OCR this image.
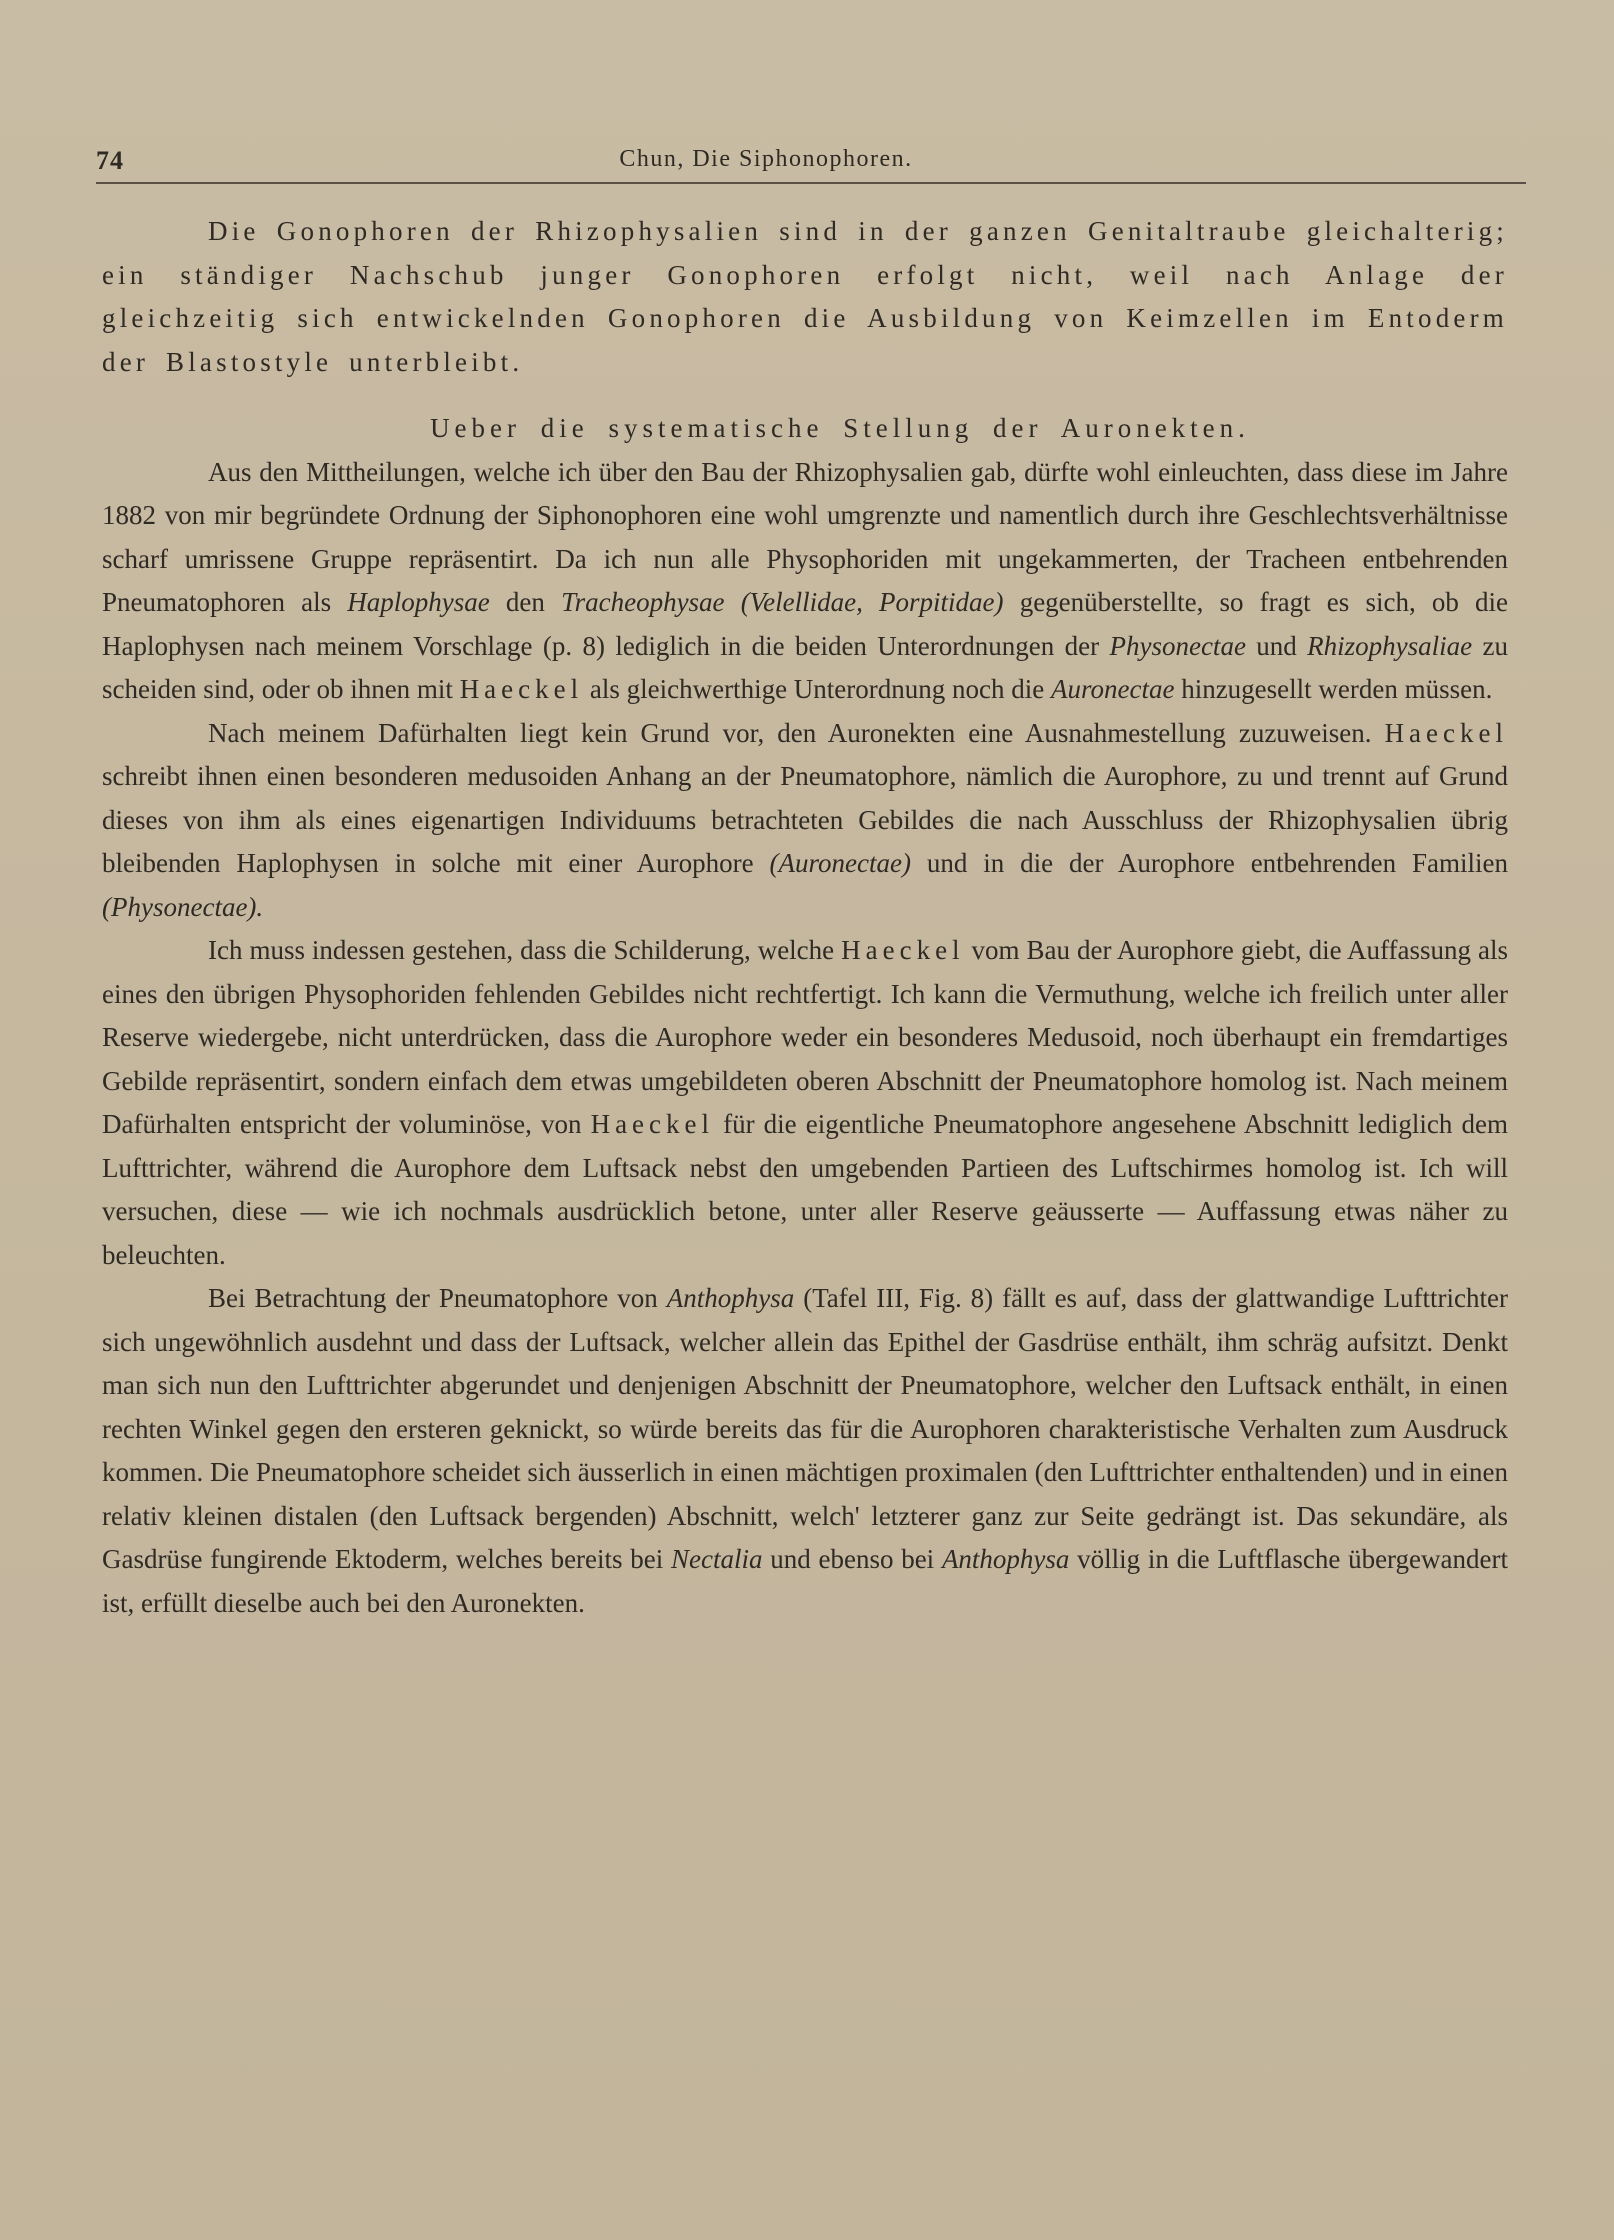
74	Chun, Die Siphonophoren.

Die Gonophoren der Rhizophysalien sind in der ganzen Genitaltraube gleichalterig; ein ständiger Nachschub junger Gonophoren erfolgt nicht, weil nach Anlage der gleichzeitig sich entwickelnden Gonophoren die Ausbildung von Keimzellen im Entoderm der Blastostyle unterbleibt.

Ueber die systematische Stellung der Auronekten.

Aus den Mittheilungen, welche ich über den Bau der Rhizophysalien gab, dürfte wohl einleuchten, dass diese im Jahre 1882 von mir begründete Ordnung der Siphonophoren eine wohl umgrenzte und namentlich durch ihre Geschlechtsverhältnisse scharf umrissene Gruppe repräsentirt. Da ich nun alle Physophoriden mit ungekammerten, der Tracheen entbehrenden Pneumatophoren als Haplophysae den Tracheophysae (Velellidae, Porpitidae) gegenüberstellte, so fragt es sich, ob die Haplophysen nach meinem Vorschlage (p. 8) lediglich in die beiden Unterordnungen der Physonectae und Rhizophysaliae zu scheiden sind, oder ob ihnen mit Haeckel als gleichwerthige Unterordnung noch die Auronectae hinzugesellt werden müssen.

Nach meinem Dafürhalten liegt kein Grund vor, den Auronekten eine Ausnahmestellung zuzuweisen. Haeckel schreibt ihnen einen besonderen medusoiden Anhang an der Pneumatophore, nämlich die Aurophore, zu und trennt auf Grund dieses von ihm als eines eigenartigen Individuums betrachteten Gebildes die nach Ausschluss der Rhizophysalien übrig bleibenden Haplophysen in solche mit einer Aurophore (Auronectae) und in die der Aurophore entbehrenden Familien (Physonectae).

Ich muss indessen gestehen, dass die Schilderung, welche Haeckel vom Bau der Aurophore giebt, die Auffassung als eines den übrigen Physophoriden fehlenden Gebildes nicht rechtfertigt. Ich kann die Vermuthung, welche ich freilich unter aller Reserve wiedergebe, nicht unterdrücken, dass die Aurophore weder ein besonderes Medusoid, noch überhaupt ein fremdartiges Gebilde repräsentirt, sondern einfach dem etwas umgebildeten oberen Abschnitt der Pneumatophore homolog ist. Nach meinem Dafürhalten entspricht der voluminöse, von Haeckel für die eigentliche Pneumatophore angesehene Abschnitt lediglich dem Lufttrichter, während die Aurophore dem Luftsack nebst den umgebenden Partieen des Luftschirmes homolog ist. Ich will versuchen, diese — wie ich nochmals ausdrücklich betone, unter aller Reserve geäusserte — Auffassung etwas näher zu beleuchten.

Bei Betrachtung der Pneumatophore von Anthophysa (Tafel III, Fig. 8) fällt es auf, dass der glattwandige Lufttrichter sich ungewöhnlich ausdehnt und dass der Luftsack, welcher allein das Epithel der Gasdrüse enthält, ihm schräg aufsitzt. Denkt man sich nun den Lufttrichter abgerundet und denjenigen Abschnitt der Pneumatophore, welcher den Luftsack enthält, in einen rechten Winkel gegen den ersteren geknickt, so würde bereits das für die Aurophoren charakteristische Verhalten zum Ausdruck kommen. Die Pneumatophore scheidet sich äusserlich in einen mächtigen proximalen (den Lufttrichter enthaltenden) und in einen relativ kleinen distalen (den Luftsack bergenden) Abschnitt, welch' letzterer ganz zur Seite gedrängt ist. Das sekundäre, als Gasdrüse fungirende Ektoderm, welches bereits bei Nectalia und ebenso bei Anthophysa völlig in die Luftflasche übergewandert ist, erfüllt dieselbe auch bei den Auronekten.
